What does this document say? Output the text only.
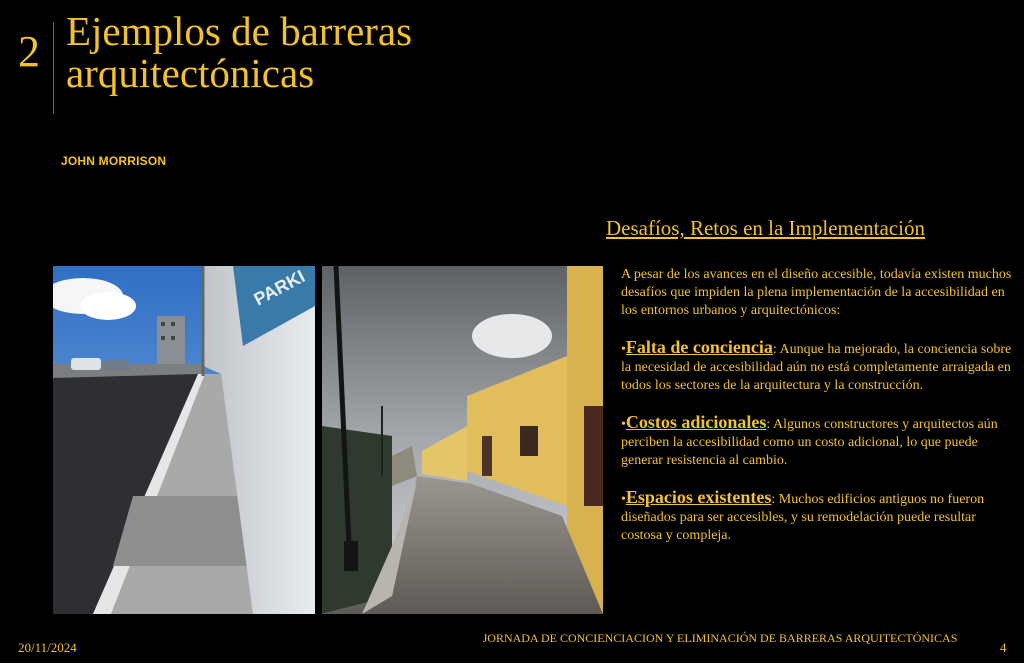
2 Ejemplos de barreras arquitectónicas
JOHN MORRISON
Desafíos, Retos en la Implementación
PARKI	A pesar de los avances en el diseño accesible, todavía existen muchos desafíos que impiden la plena implementación de la accesibilidad en los entornos urbanos y arquitectónicos:

•Falta de conciencia: Aunque ha mejorado, la conciencia sobre la necesidad de accesibilidad aún no está completamente arraigada en todos los sectores de la arquitectura y la construcción.
•Costos adicionales: Algunos constructores y arquitectos aún perciben la accesibilidad como un costo adicional, lo que puede generar resistencia al cambio.
•Espacios existentes: Muchos edificios antiguos no fueron diseñados para ser accesibles, y su remodelación puede resultar costosa y compleja.
20/11/2024
JORNADA DE CONCIENCIACION Y ELIMINACIÓN DE BARRERAS ARQUITECTÓNICAS
4
